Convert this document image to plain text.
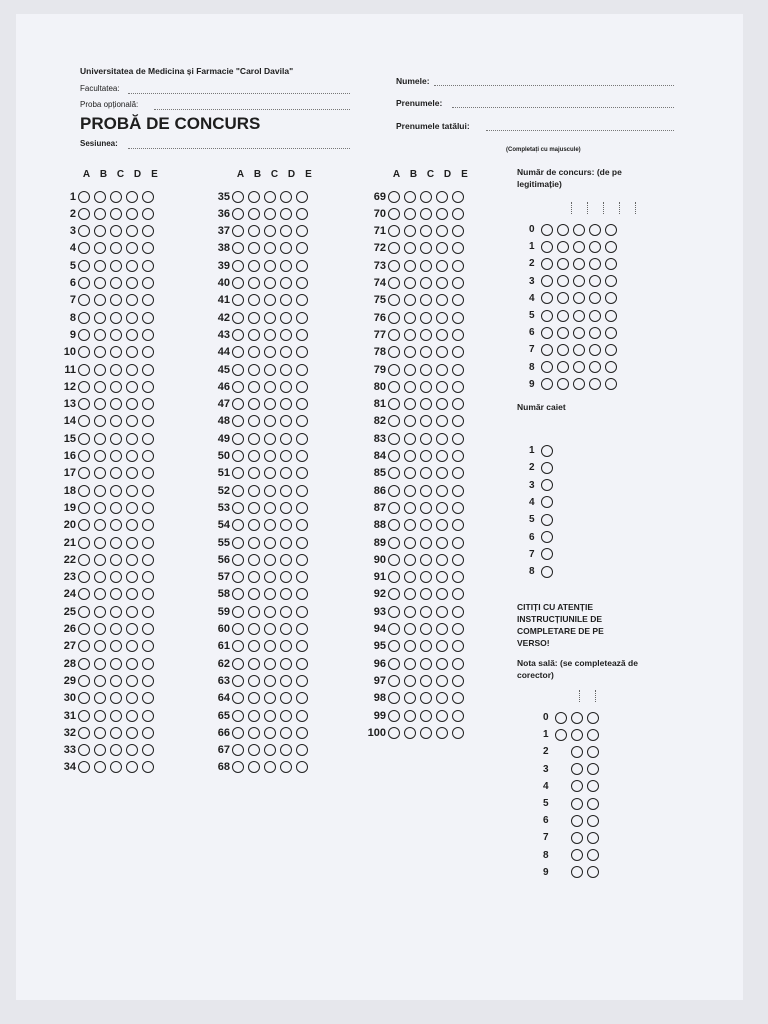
Universitatea de Medicina și Farmacie "Carol Davila"
Facultatea:
Proba opțională:
PROBĂ DE CONCURS
Sesiunea:
Numele:
Prenumele:
Prenumele tatălui:
(Completați cu majuscule)
A B C D E
1
2
3
4
5
6
7
8
9
10
11
12
13
14
15
16
17
18
19
20
21
22
23
24
25
26
27
28
29
30
31
32
33
34
A B C D E
35
36
37
38
39
40
41
42
43
44
45
46
47
48
49
50
51
52
53
54
55
56
57
58
59
60
61
62
63
64
65
66
67
68
A B C D E
69
70
71
72
73
74
75
76
77
78
79
80
81
82
83
84
85
86
87
88
89
90
91
92
93
94
95
96
97
98
99
100
Număr de concurs: (de pe
legitimație)
0
1
2
3
4
5
6
7
8
9
Număr caiet
1
2
3
4
5
6
7
8
CITIȚI CU ATENȚIE
INSTRUCȚIUNILE DE
COMPLETARE DE PE
VERSO!
Nota sală: (se completează de
corector)
0
1
2
3
4
5
6
7
8
9
